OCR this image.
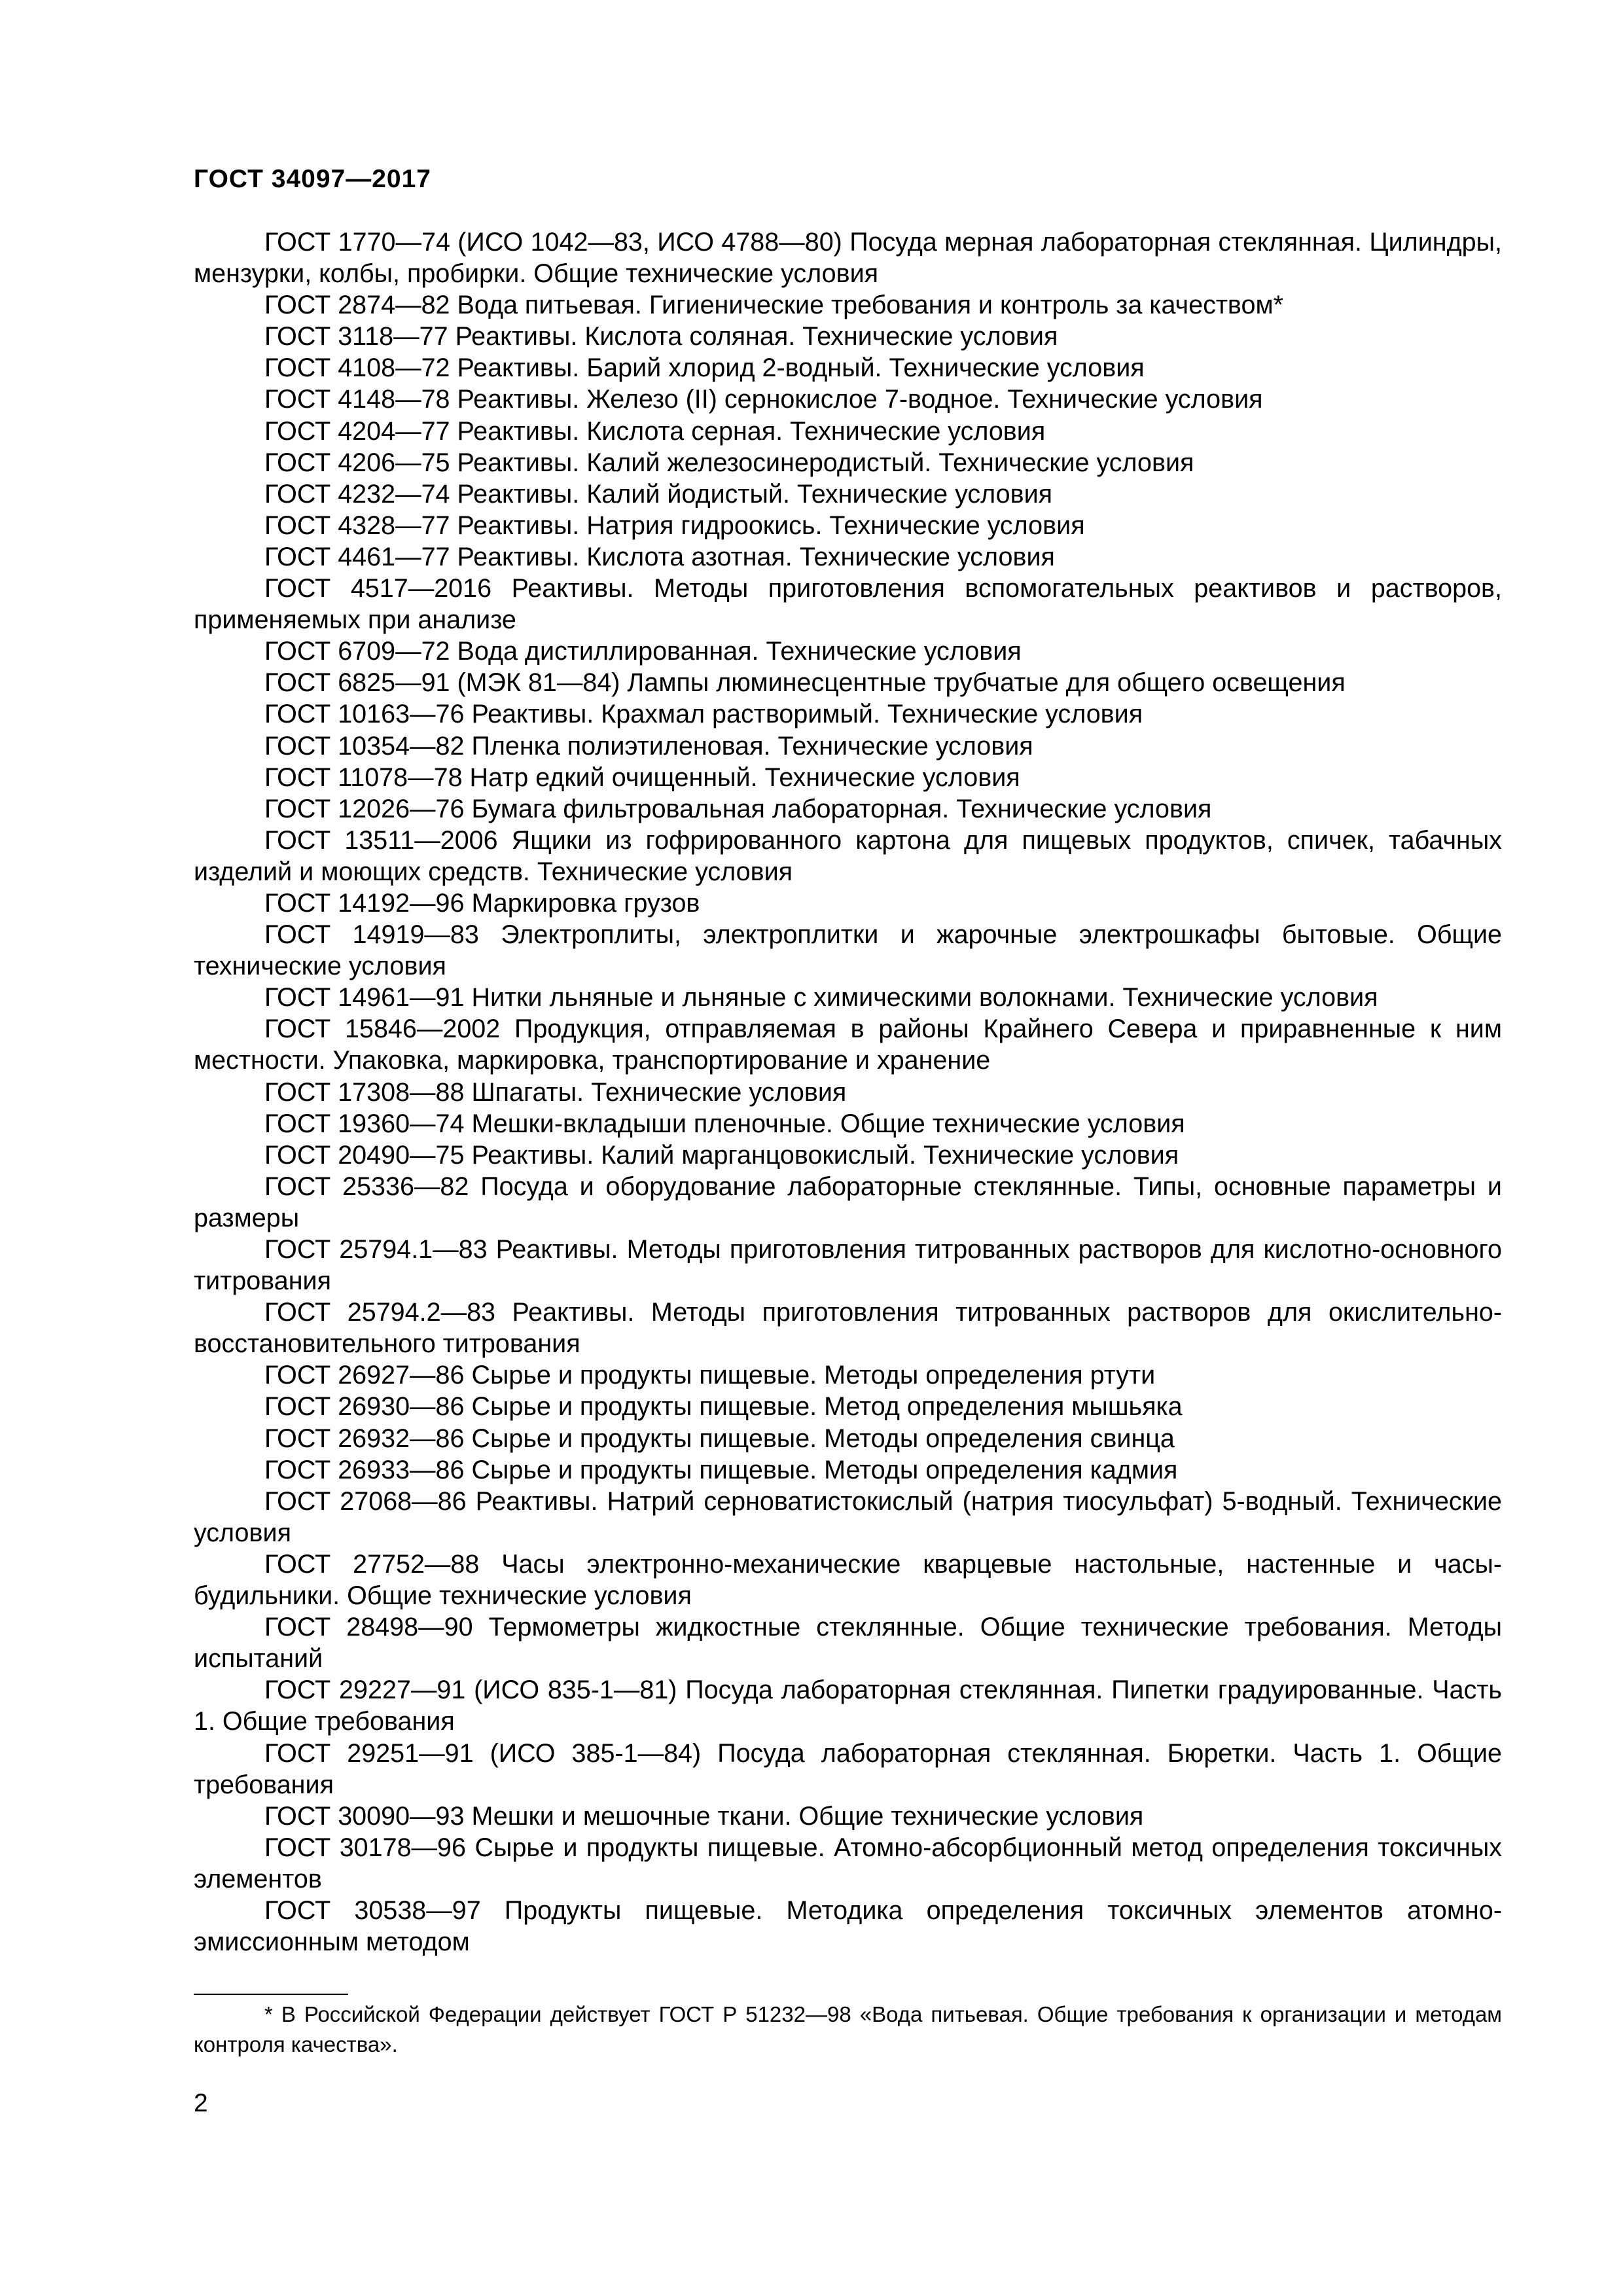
ГОСТ 34097—2017

ГОСТ 1770—74 (ИСО 1042—83, ИСО 4788—80) Посуда мерная лабораторная стеклянная. Цилиндры, мензурки, колбы, пробирки. Общие технические условия

ГОСТ 2874—82 Вода питьевая. Гигиенические требования и контроль за качеством*

ГОСТ 3118—77 Реактивы. Кислота соляная. Технические условия

ГОСТ 4108—72 Реактивы. Барий хлорид 2-водный. Технические условия

ГОСТ 4148—78 Реактивы. Железо (II) сернокислое 7-водное. Технические условия

ГОСТ 4204—77 Реактивы. Кислота серная. Технические условия

ГОСТ 4206—75 Реактивы. Калий железосинеродистый. Технические условия

ГОСТ 4232—74 Реактивы. Калий йодистый. Технические условия

ГОСТ 4328—77 Реактивы. Натрия гидроокись. Технические условия

ГОСТ 4461—77 Реактивы. Кислота азотная. Технические условия

ГОСТ 4517—2016 Реактивы. Методы приготовления вспомогательных реактивов и растворов, применяемых при анализе

ГОСТ 6709—72 Вода дистиллированная. Технические условия

ГОСТ 6825—91 (МЭК 81—84) Лампы люминесцентные трубчатые для общего освещения

ГОСТ 10163—76 Реактивы. Крахмал растворимый. Технические условия

ГОСТ 10354—82 Пленка полиэтиленовая. Технические условия

ГОСТ 11078—78 Натр едкий очищенный. Технические условия

ГОСТ 12026—76 Бумага фильтровальная лабораторная. Технические условия

ГОСТ 13511—2006 Ящики из гофрированного картона для пищевых продуктов, спичек, табачных изделий и моющих средств. Технические условия

ГОСТ 14192—96 Маркировка грузов

ГОСТ 14919—83 Электроплиты, электроплитки и жарочные электрошкафы бытовые. Общие технические условия

ГОСТ 14961—91 Нитки льняные и льняные с химическими волокнами. Технические условия

ГОСТ 15846—2002 Продукция, отправляемая в районы Крайнего Севера и приравненные к ним местности. Упаковка, маркировка, транспортирование и хранение

ГОСТ 17308—88 Шпагаты. Технические условия

ГОСТ 19360—74 Мешки-вкладыши пленочные. Общие технические условия

ГОСТ 20490—75 Реактивы. Калий марганцовокислый. Технические условия

ГОСТ 25336—82 Посуда и оборудование лабораторные стеклянные. Типы, основные параметры и размеры

ГОСТ 25794.1—83 Реактивы. Методы приготовления титрованных растворов для кислотно-основного титрования

ГОСТ 25794.2—83 Реактивы. Методы приготовления титрованных растворов для окислительно-восстановительного титрования

ГОСТ 26927—86 Сырье и продукты пищевые. Методы определения ртути

ГОСТ 26930—86 Сырье и продукты пищевые. Метод определения мышьяка

ГОСТ 26932—86 Сырье и продукты пищевые. Методы определения свинца

ГОСТ 26933—86 Сырье и продукты пищевые. Методы определения кадмия

ГОСТ 27068—86 Реактивы. Натрий серноватистокислый (натрия тиосульфат) 5-водный. Технические условия

ГОСТ 27752—88 Часы электронно-механические кварцевые настольные, настенные и часы-будильники. Общие технические условия

ГОСТ 28498—90 Термометры жидкостные стеклянные. Общие технические требования. Методы испытаний

ГОСТ 29227—91 (ИСО 835-1—81) Посуда лабораторная стеклянная. Пипетки градуированные. Часть 1. Общие требования

ГОСТ 29251—91 (ИСО 385-1—84) Посуда лабораторная стеклянная. Бюретки. Часть 1. Общие требования

ГОСТ 30090—93 Мешки и мешочные ткани. Общие технические условия

ГОСТ 30178—96 Сырье и продукты пищевые. Атомно-абсорбционный метод определения токсичных элементов

ГОСТ 30538—97 Продукты пищевые. Методика определения токсичных элементов атомно-эмиссионным методом

* В Российской Федерации действует ГОСТ Р 51232—98 «Вода питьевая. Общие требования к организации и методам контроля качества».

2
